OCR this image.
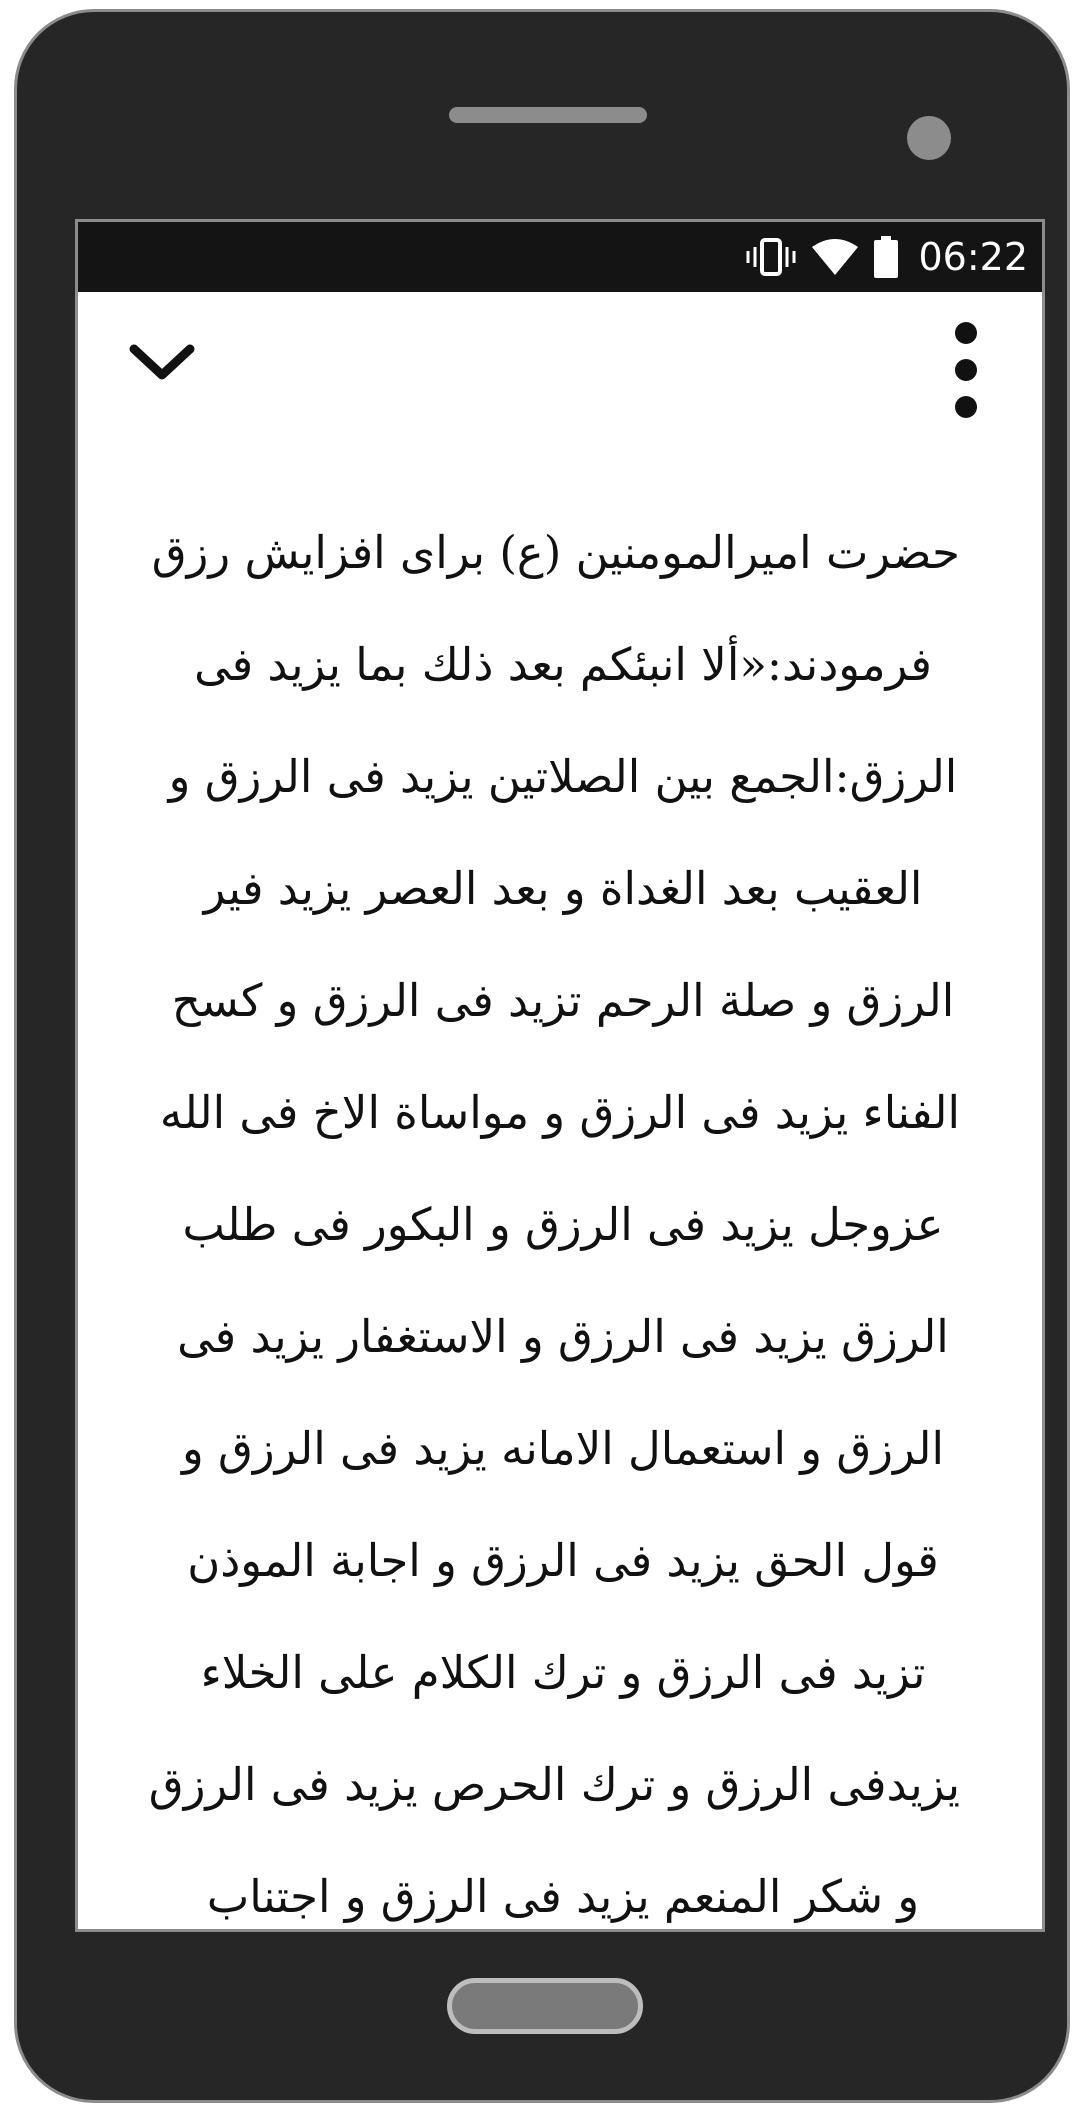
06:22
حضرت امیرالمومنین (ع) برای افزایش رزق
فرمودند:«ألا انبئکم بعد ذلك بما یزید فی
الرزق:الجمع بین الصلاتین یزید فی الرزق و
العقیب بعد الغداة و بعد العصر یزید فیر
الرزق و صلة الرحم تزید فی الرزق و کسح
الفناء یزید فی الرزق و مواساة الاخ فی الله
عزوجل یزید فی الرزق و البکور فی طلب
الرزق یزید فی الرزق و الاستغفار یزید فی
الرزق و استعمال الامانه یزید فی الرزق و
قول الحق یزید فی الرزق و اجابة الموذن
تزید فی الرزق و ترك الکلام علی الخلاء
یزیدفی الرزق و ترك الحرص یزید فی الرزق
و شکر المنعم یزید فی الرزق و اجتناب
